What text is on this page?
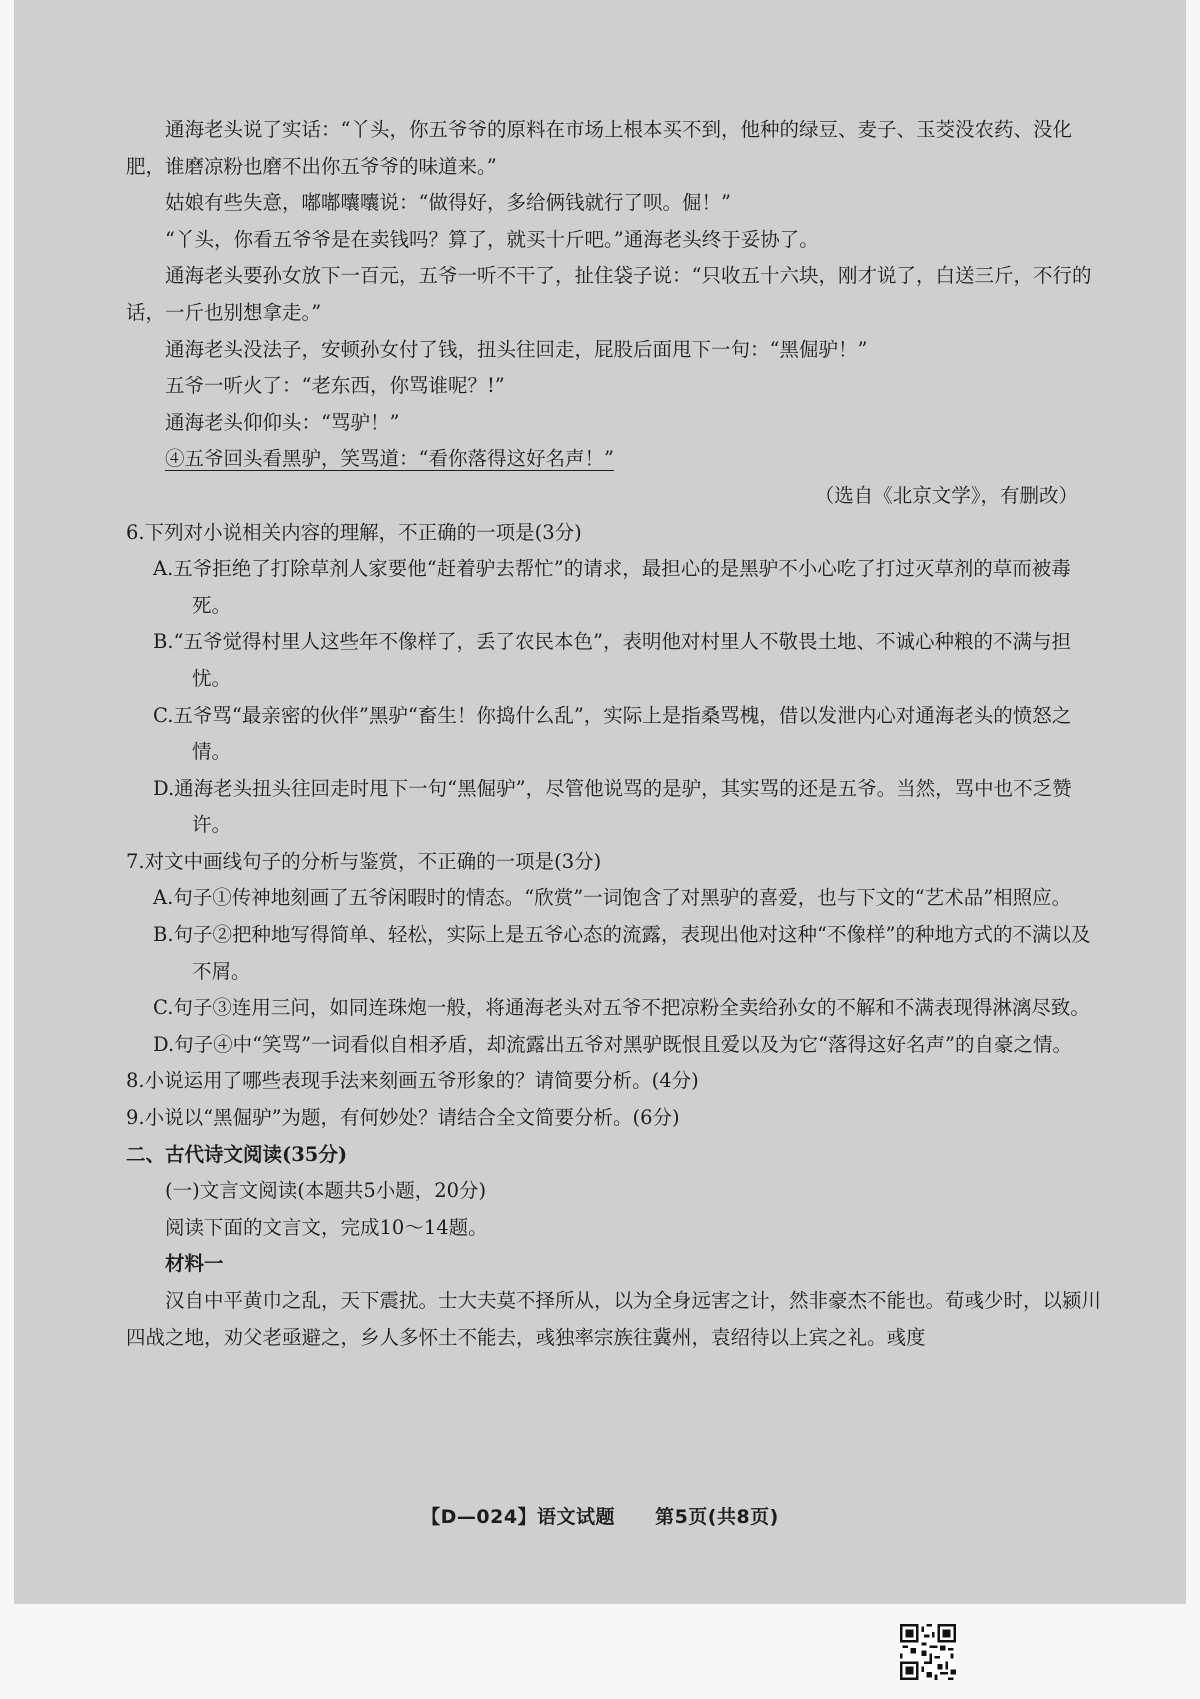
通海老头说了实话：“丫头，你五爷爷的原料在市场上根本买不到，他种的绿豆、麦子、玉茭没农药、没化肥，谁磨凉粉也磨不出你五爷爷的味道来。”

姑娘有些失意，嘟嘟囔囔说：“做得好，多给俩钱就行了呗。倔！”

“丫头，你看五爷爷是在卖钱吗？算了，就买十斤吧。”通海老头终于妥协了。

通海老头要孙女放下一百元，五爷一听不干了，扯住袋子说：“只收五十六块，刚才说了，白送三斤，不行的话，一斤也别想拿走。”

通海老头没法子，安顿孙女付了钱，扭头往回走，屁股后面甩下一句：“黑倔驴！”

五爷一听火了：“老东西，你骂谁呢？!”

通海老头仰仰头：“骂驴！”

④五爷回头看黑驴，笑骂道：“看你落得这好名声！”

（选自《北京文学》，有删改）

6.下列对小说相关内容的理解，不正确的一项是(3分)

A.五爷拒绝了打除草剂人家要他“赶着驴去帮忙”的请求，最担心的是黑驴不小心吃了打过灭草剂的草而被毒死。

B.“五爷觉得村里人这些年不像样了，丢了农民本色”，表明他对村里人不敬畏土地、不诚心种粮的不满与担忧。

C.五爷骂“最亲密的伙伴”黑驴“畜生！你捣什么乱”，实际上是指桑骂槐，借以发泄内心对通海老头的愤怒之情。

D.通海老头扭头往回走时甩下一句“黑倔驴”，尽管他说骂的是驴，其实骂的还是五爷。当然，骂中也不乏赞许。

7.对文中画线句子的分析与鉴赏，不正确的一项是(3分)

A.句子①传神地刻画了五爷闲暇时的情态。“欣赏”一词饱含了对黑驴的喜爱，也与下文的“艺术品”相照应。

B.句子②把种地写得简单、轻松，实际上是五爷心态的流露，表现出他对这种“不像样”的种地方式的不满以及不屑。

C.句子③连用三问，如同连珠炮一般，将通海老头对五爷不把凉粉全卖给孙女的不解和不满表现得淋漓尽致。

D.句子④中“笑骂”一词看似自相矛盾，却流露出五爷对黑驴既恨且爱以及为它“落得这好名声”的自豪之情。

8.小说运用了哪些表现手法来刻画五爷形象的？请简要分析。(4分)

9.小说以“黑倔驴”为题，有何妙处？请结合全文简要分析。(6分)

二、古代诗文阅读(35分)

(一)文言文阅读(本题共5小题，20分)

阅读下面的文言文，完成10～14题。

材料一

汉自中平黄巾之乱，天下震扰。士大夫莫不择所从，以为全身远害之计，然非豪杰不能也。荀彧少时，以颍川四战之地，劝父老亟避之，乡人多怀土不能去，彧独率宗族往冀州，袁绍待以上宾之礼。彧度

【D—024】语文试题 第5页(共8页)
